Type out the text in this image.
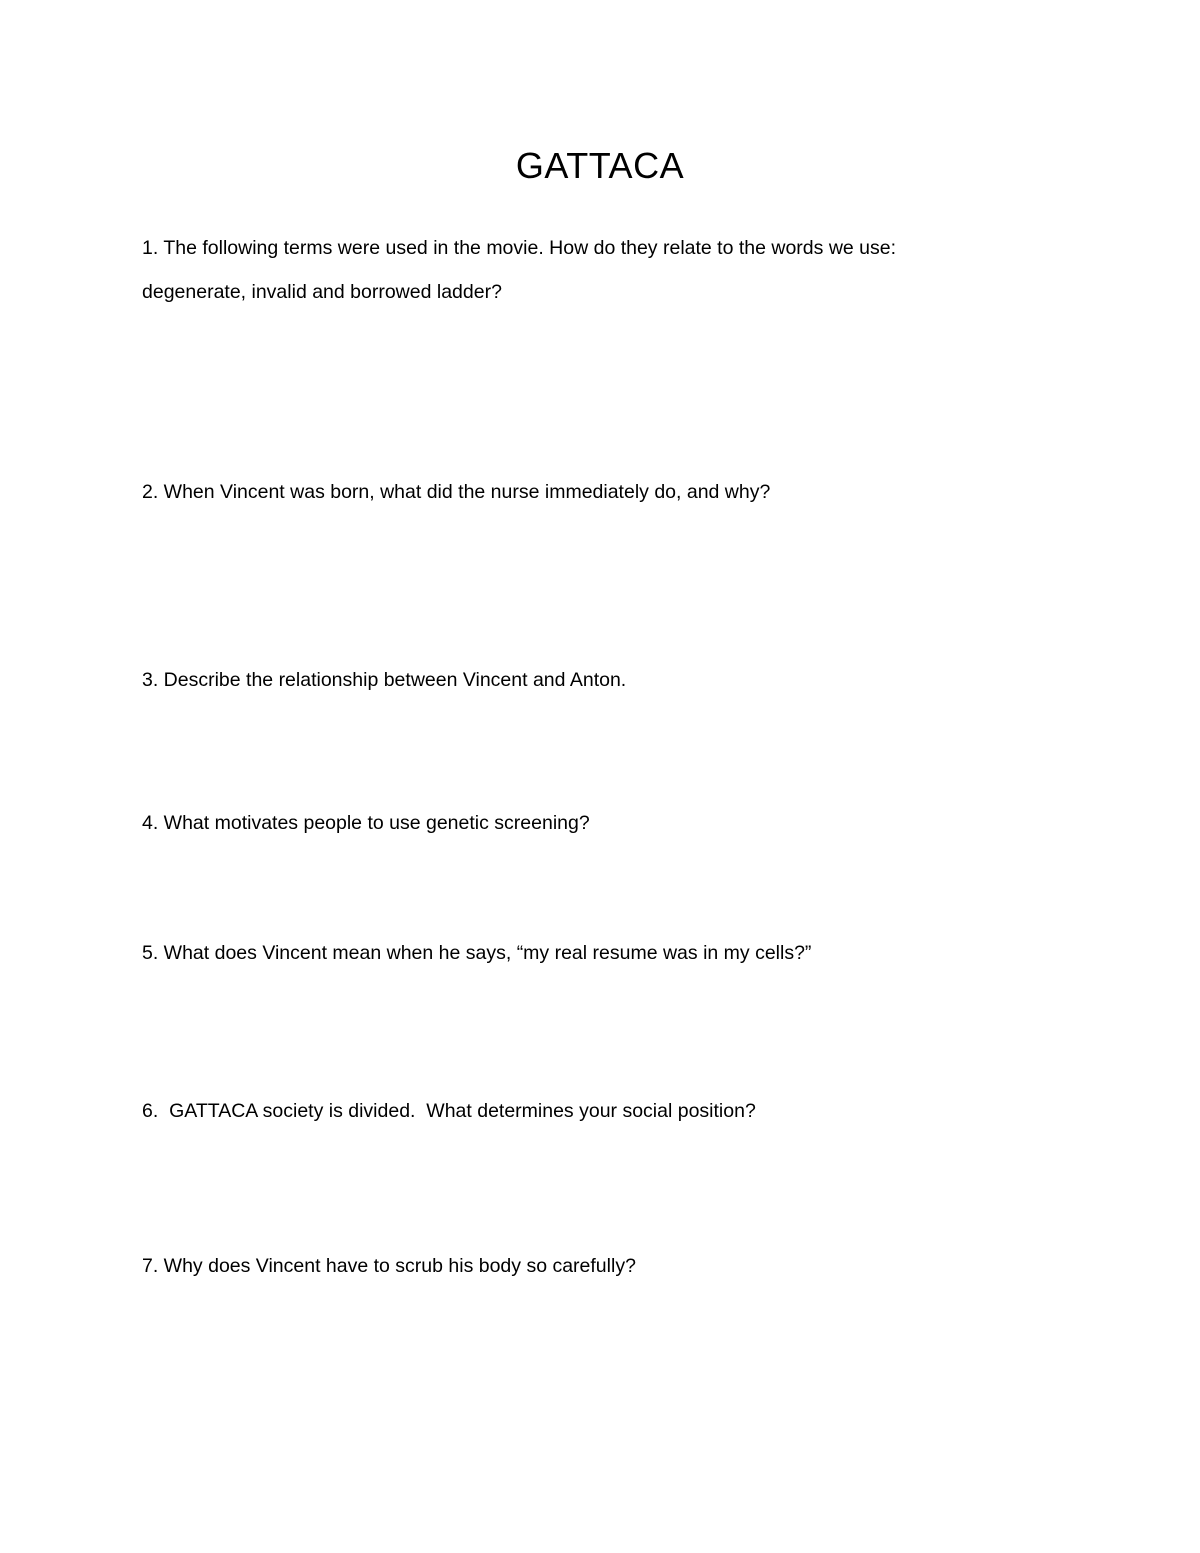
GATTACA
1. The following terms were used in the movie. How do they relate to the words we use:
degenerate, invalid and borrowed ladder?
2. When Vincent was born, what did the nurse immediately do, and why?
3. Describe the relationship between Vincent and Anton.
4. What motivates people to use genetic screening?
5. What does Vincent mean when he says, “my real resume was in my cells?”
6.  GATTACA society is divided.  What determines your social position?
7. Why does Vincent have to scrub his body so carefully?
